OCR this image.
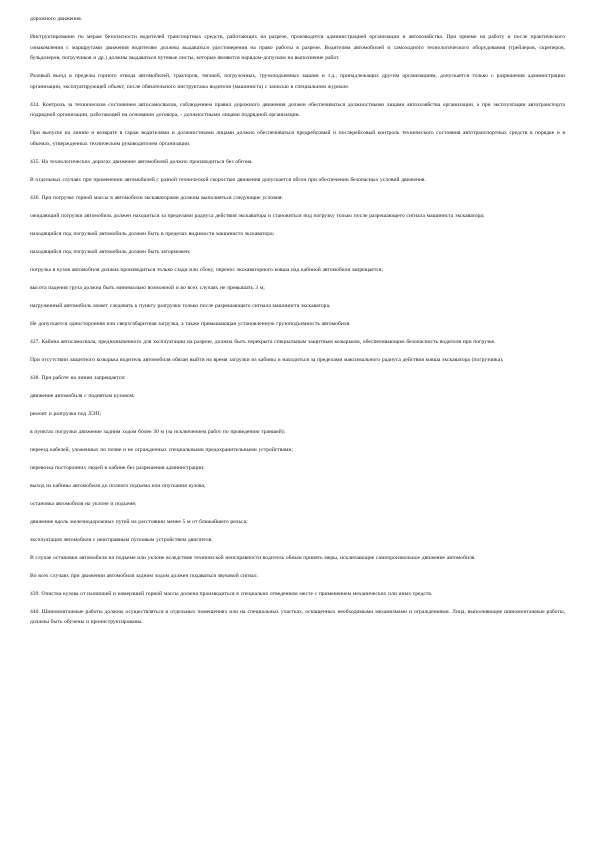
дорожного движения.

Инструктирование по мерам безопасности водителей транспортных средств, работающих на разрезе, производится администрацией организации и автохозяйства. При приеме на работу и после практического ознакомления с маршрутами движения водителям должны выдаваться удостоверения на право работы в разрезе. Водителям автомобилей и самоходного технологического оборудования (трейлеров, скреперов, бульдозеров, погрузчиков и др.) должны выдаваться путевые листы, которые являются нарядом-допуском на выполнение работ.

Разовый въезд в пределы горного отвода автомобилей, тракторов, тягачей, погрузочных, грузоподъемных машин и т.д., принадлежащих другим организациям, допускается только с разрешения администрации организации, эксплуатирующей объект, после обязательного инструктажа водителя (машиниста) с записью в специальном журнале.

434. Контроль за техническим состоянием автосамосвалов, соблюдением правил дорожного движения должен обеспечиваться должностными лицами автохозяйства организации, а при эксплуатации автотранспорта подрядной организации, работающей на основании договора, - должностными лицами подрядной организации.

При выпуске на линию и возврате в гараж водителями и должностными лицами должно обеспечиваться предрейсовый и послерейсовый контроль технического состояния автотранспортных средств в порядке и в объемах, утвержденных техническим руководителем организации.

435. На технологических дорогах движение автомобилей должно производиться без обгона.

В отдельных случаях при применении автомобилей с разной технической скоростью движения допускается обгон при обеспечении безопасных условий движения.

436. При погрузке горной массы в автомобили экскаваторами должны выполняться следующие условия:

ожидающий погрузки автомобиль должен находиться за пределами радиуса действия экскаватора и становиться под погрузку только после разрешающего сигнала машиниста экскаватора;

находящийся под погрузкой автомобиль должен быть в пределах видимости машиниста экскаватора;

находящийся под погрузкой автомобиль должен быть заторможен;

погрузка в кузов автомобиля должна производиться только сзади или сбоку, перенос экскаваторного ковша над кабиной автомобиля запрещается;

высота падения груза должна быть минимально возможной и во всех случаях не превышать 3 м;

нагруженный автомобиль может следовать к пункту разгрузки только после разрешающего сигнала машиниста экскаватора.

Не допускается односторонняя или сверхгабаритная загрузка, а также превышающая установленную грузоподъемность автомобиля.

437. Кабина автосамосвала, предназначенного для эксплуатации на разрезе, должна быть перекрыта специальным защитным козырьком, обеспечивающим безопасность водителя при погрузке.

При отсутствии защитного козырька водитель автомобиля обязан выйти на время загрузки из кабины и находиться за пределами максимального радиуса действия ковша экскаватора (погрузчика).

438. При работе на линии запрещается:

движение автомобиля с поднятым кузовом;

ремонт и разгрузка под ЛЭП;

в пунктах погрузки движение задним ходом более 30 м (за исключением работ по проведению траншей);

переезд кабелей, уложенных по почве и не огражденных специальными предохранительными устройствами;

перевозка посторонних людей в кабине без разрешения администрации;

выход из кабины автомобиля до полного подъема или опускания кузова;

остановка автомобиля на уклоне и подъеме;

движение вдоль железнодорожных путей на расстоянии менее 5 м от ближайшего рельса;

эксплуатация автомобиля с неисправным пусковым устройством двигателя.

В случае остановки автомобиля на подъеме или уклоне вследствие технической неисправности водитель обязан принять меры, исключающие самопроизвольное движение автомобиля.

Во всех случаях при движении автомобиля задним ходом должен подаваться звуковой сигнал.

439. Очистка кузова от налипшей и намерзшей горной массы должна производиться в специально отведенном месте с применением механических или иных средств.

440. Шиномонтажные работы должны осуществляться в отдельных помещениях или на специальных участках, оснащенных необходимыми механизмами и ограждениями. Лица, выполняющие шиномонтажные работы, должны быть обучены и проинструктированы.
